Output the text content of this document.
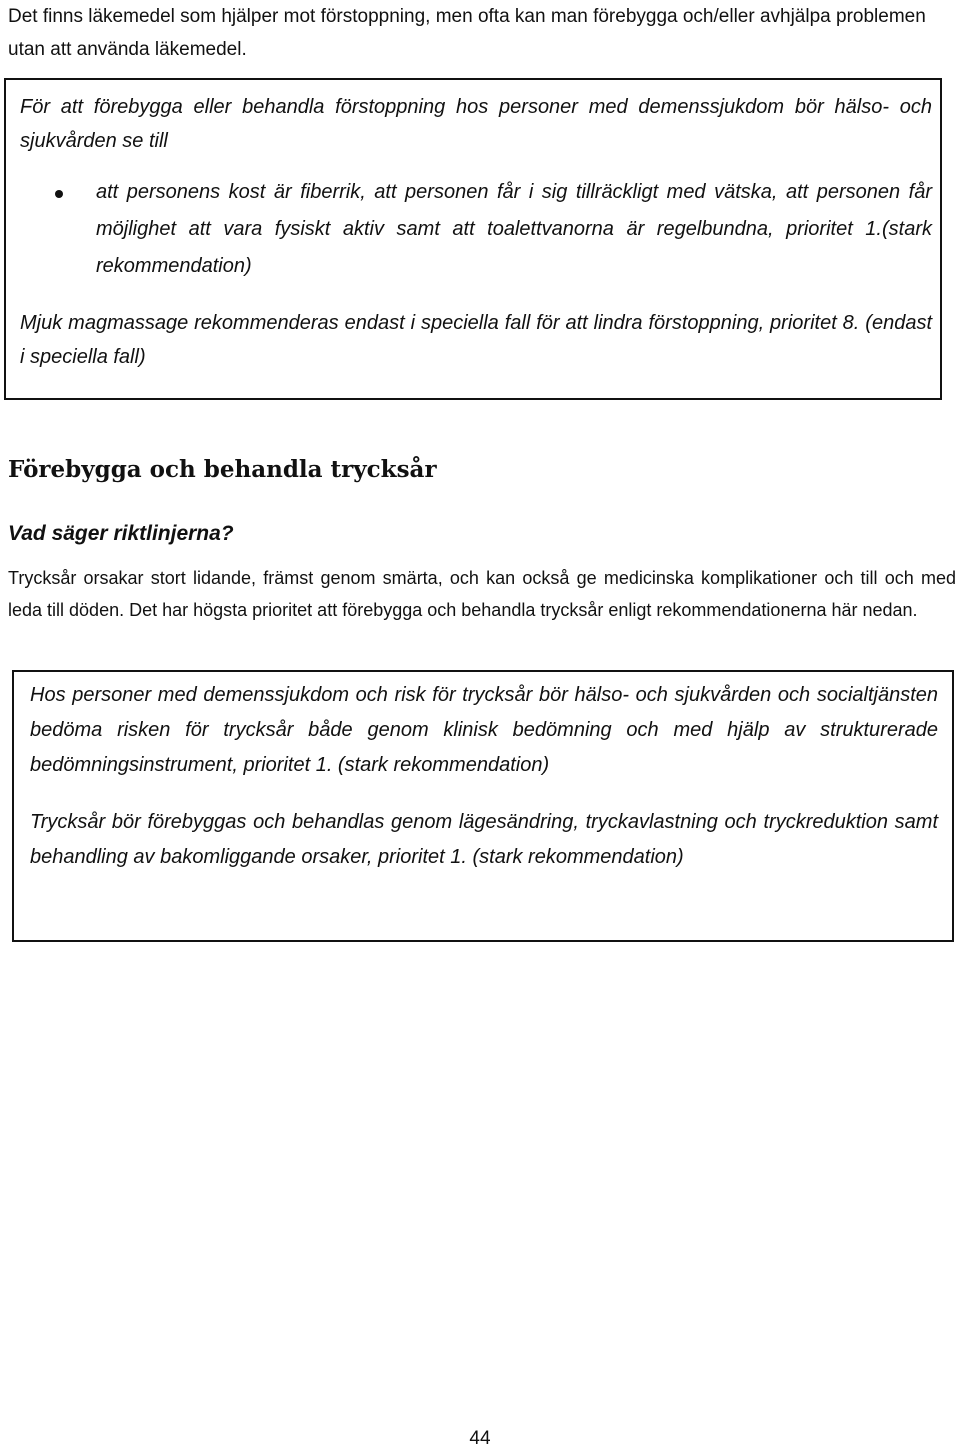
Det finns läkemedel som hjälper mot förstoppning, men ofta kan man förebygga och/eller avhjälpa problemen utan att använda läkemedel.

För att förebygga eller behandla förstoppning hos personer med demenssjukdom bör hälso- och sjukvården se till

att personens kost är fiberrik, att personen får i sig tillräckligt med vätska, att personen får möjlighet att vara fysiskt aktiv samt att toalettvanorna är regelbundna, prioritet 1.(stark rekommendation)

Mjuk magmassage rekommenderas endast i speciella fall för att lindra förstoppning, prioritet 8. (endast i speciella fall)

Förebygga och behandla trycksår
Vad säger riktlinjerna?

Trycksår orsakar stort lidande, främst genom smärta, och kan också ge medicinska komplikationer och till och med leda till döden. Det har högsta prioritet att förebygga och behandla trycksår enligt rekommendationerna här nedan.

Hos personer med demenssjukdom och risk för trycksår bör hälso- och sjukvården och socialtjänsten bedöma risken för trycksår både genom klinisk bedömning och med hjälp av strukturerade bedömningsinstrument, prioritet 1. (stark rekommendation)

Trycksår bör förebyggas och behandlas genom lägesändring, tryckavlastning och tryckreduktion samt behandling av bakomliggande orsaker, prioritet 1. (stark rekommendation)

44
